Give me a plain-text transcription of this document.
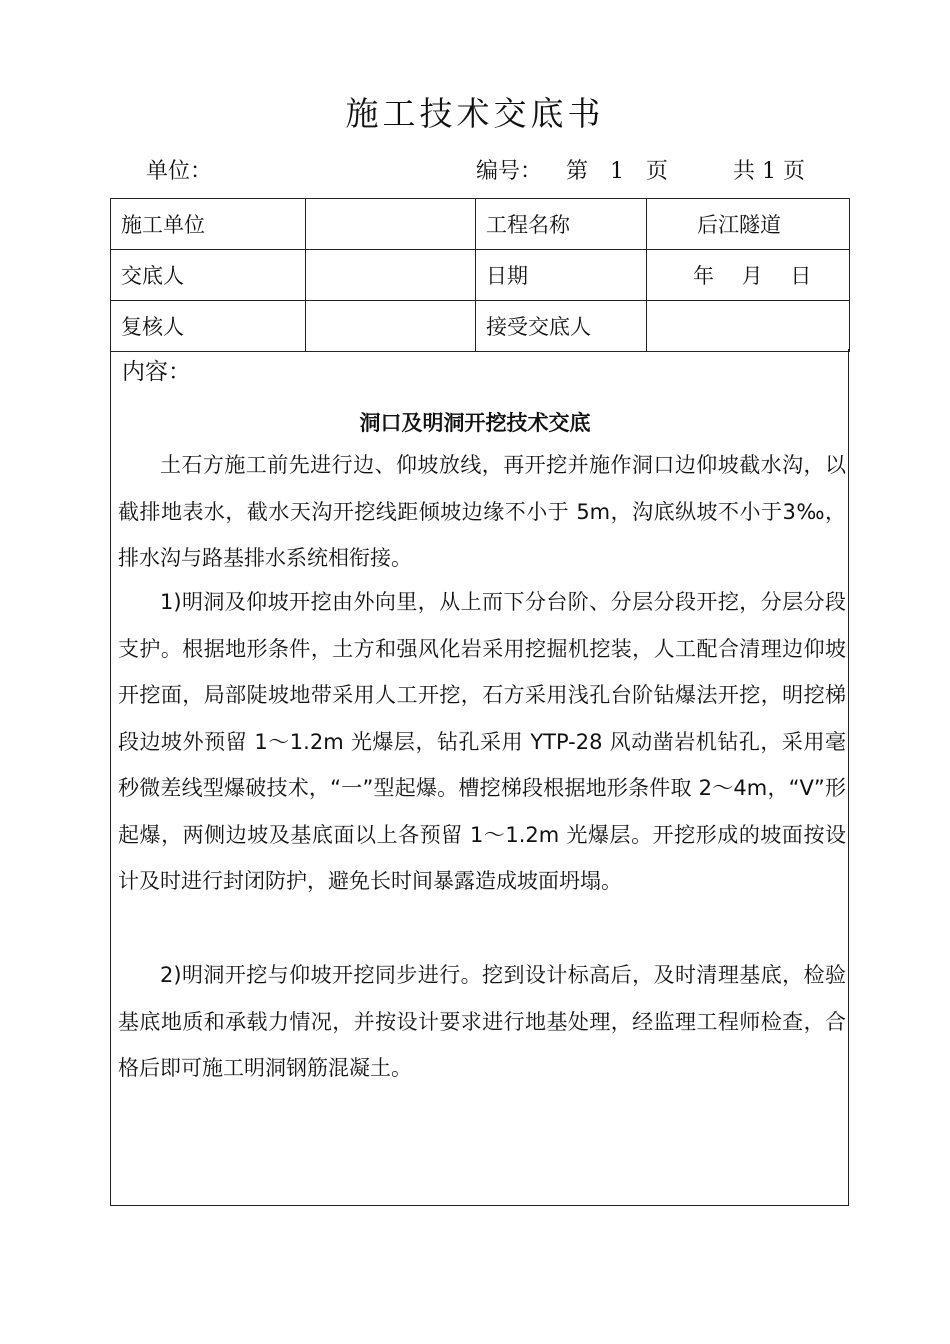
施工技术交底书
单位：	编号： 第　1　页	共 1 页
施工单位		工程名称	后江隧道
交底人		日期	年　 月　 日
复核人		接受交底人	
内容：
洞口及明洞开挖技术交底

土石方施工前先进行边、仰坡放线，再开挖并施作洞口边仰坡截水沟，以截排地表水，截水天沟开挖线距倾坡边缘不小于 5m，沟底纵坡不小于3‰，排水沟与路基排水系统相衔接。

1)明洞及仰坡开挖由外向里，从上而下分台阶、分层分段开挖，分层分段支护。根据地形条件，土方和强风化岩采用挖掘机挖装，人工配合清理边仰坡开挖面，局部陡坡地带采用人工开挖，石方采用浅孔台阶钻爆法开挖，明挖梯段边坡外预留 1～1.2m 光爆层，钻孔采用 YTP-28 风动凿岩机钻孔，采用毫秒微差线型爆破技术，“一”型起爆。槽挖梯段根据地形条件取 2～4m，“V”形起爆，两侧边坡及基底面以上各预留 1～1.2m 光爆层。开挖形成的坡面按设计及时进行封闭防护，避免长时间暴露造成坡面坍塌。

2)明洞开挖与仰坡开挖同步进行。挖到设计标高后，及时清理基底，检验基底地质和承载力情况，并按设计要求进行地基处理，经监理工程师检查，合格后即可施工明洞钢筋混凝土。
